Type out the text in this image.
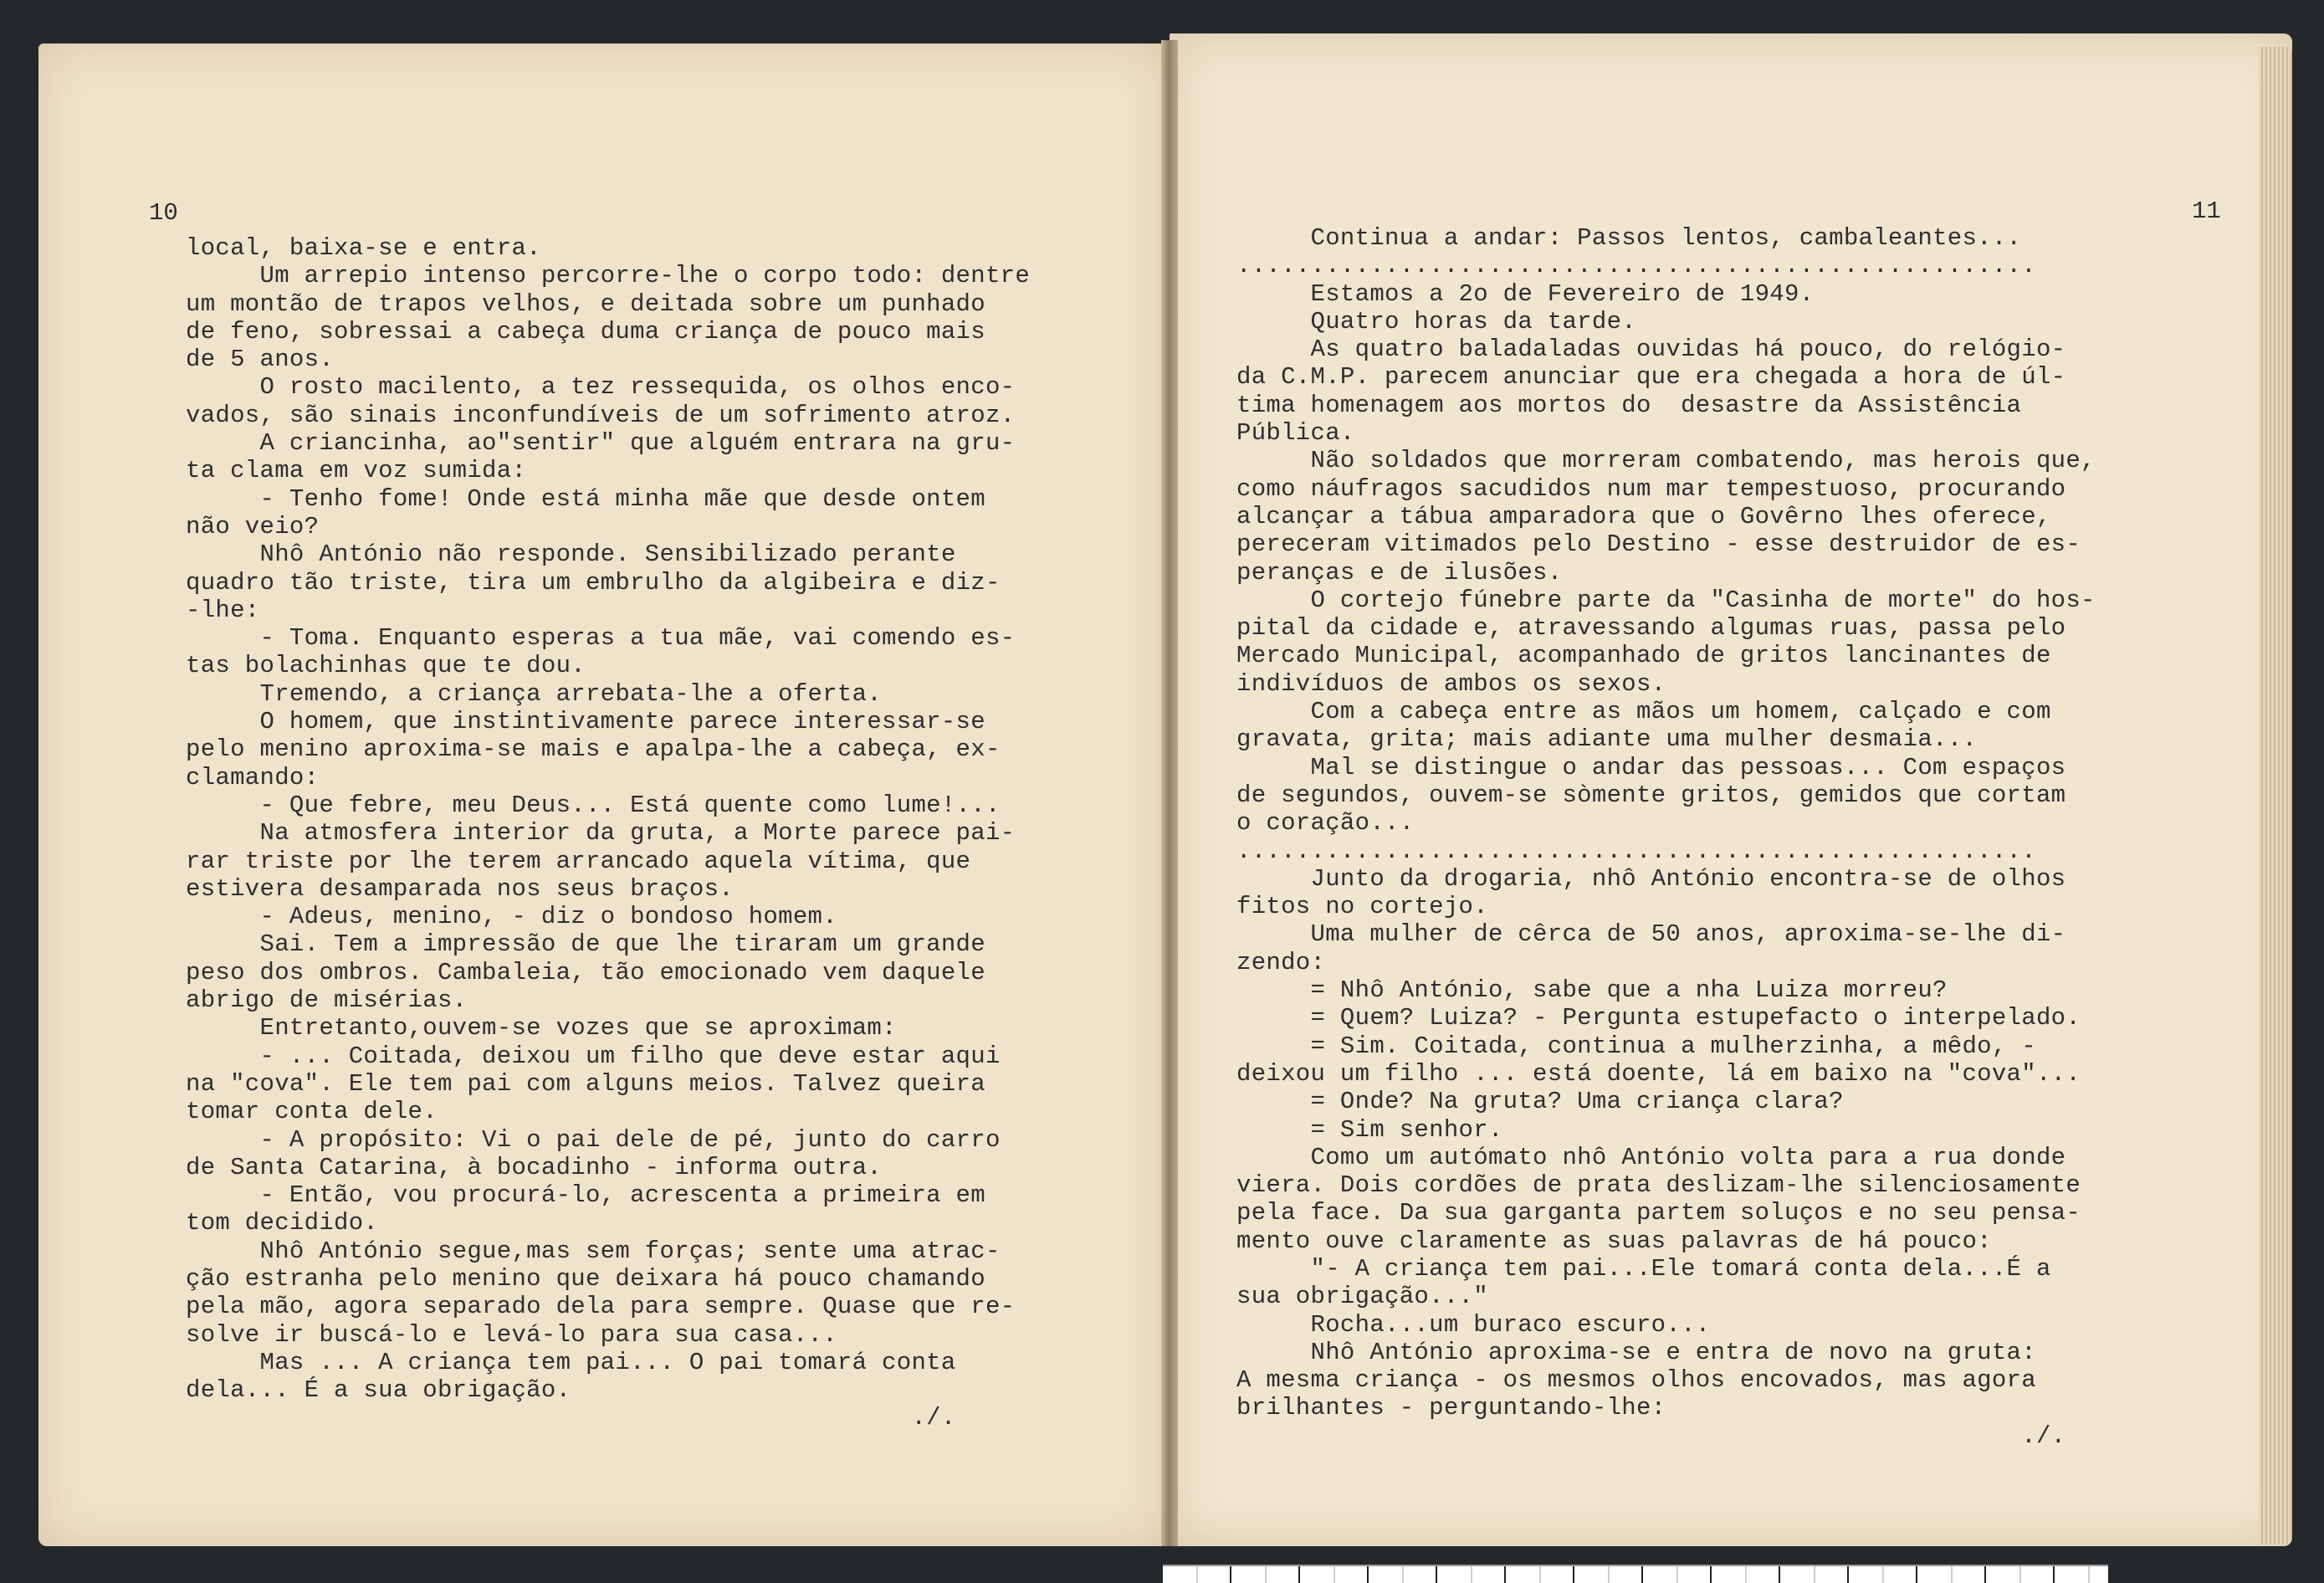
10	11
local, baixa-se e entra.
Um arrepio intenso percorre-lhe o corpo todo: dentre
um montão de trapos velhos, e deitada sobre um punhado
de feno, sobressai a cabeça duma criança de pouco mais
de 5 anos.
O rosto macilento, a tez ressequida, os olhos enco-
vados, são sinais inconfundíveis de um sofrimento atroz.
A criancinha, ao"sentir" que alguém entrara na gru-
ta clama em voz sumida:
- Tenho fome! Onde está minha mãe que desde ontem
não veio?
Nhô António não responde. Sensibilizado perante
quadro tão triste, tira um embrulho da algibeira e diz-
-lhe:
- Toma. Enquanto esperas a tua mãe, vai comendo es-
tas bolachinhas que te dou.
Tremendo, a criança arrebata-lhe a oferta.
O homem, que instintivamente parece interessar-se
pelo menino aproxima-se mais e apalpa-lhe a cabeça, ex-
clamando:
- Que febre, meu Deus... Está quente como lume!...
Na atmosfera interior da gruta, a Morte parece pai-
rar triste por lhe terem arrancado aquela vítima, que
estivera desamparada nos seus braços.
- Adeus, menino, - diz o bondoso homem.
Sai. Tem a impressão de que lhe tiraram um grande
peso dos ombros. Cambaleia, tão emocionado vem daquele
abrigo de misérias.
Entretanto,ouvem-se vozes que se aproximam:
- ... Coitada, deixou um filho que deve estar aqui
na "cova". Ele tem pai com alguns meios. Talvez queira
tomar conta dele.
- A propósito: Vi o pai dele de pé, junto do carro
de Santa Catarina, à bocadinho - informa outra.
- Então, vou procurá-lo, acrescenta a primeira em
tom decidido.
Nhô António segue,mas sem forças; sente uma atrac-
ção estranha pelo menino que deixara há pouco chamando
pela mão, agora separado dela para sempre. Quase que re-
solve ir buscá-lo e levá-lo para sua casa...
Mas ... A criança tem pai... O pai tomará conta
dela... É a sua obrigação.
./.
Continua a andar: Passos lentos, cambaleantes...
......................................................
Estamos a 2o de Fevereiro de 1949.
Quatro horas da tarde.
As quatro baladaladas ouvidas há pouco, do relógio-
da C.M.P. parecem anunciar que era chegada a hora de úl-
tima homenagem aos mortos do  desastre da Assistência
Pública.
Não soldados que morreram combatendo, mas herois que,
como náufragos sacudidos num mar tempestuoso, procurando
alcançar a tábua amparadora que o Govêrno lhes oferece,
pereceram vitimados pelo Destino - esse destruidor de es-
peranças e de ilusões.
O cortejo fúnebre parte da "Casinha de morte" do hos-
pital da cidade e, atravessando algumas ruas, passa pelo
Mercado Municipal, acompanhado de gritos lancinantes de
indivíduos de ambos os sexos.
Com a cabeça entre as mãos um homem, calçado e com
gravata, grita; mais adiante uma mulher desmaia...
Mal se distingue o andar das pessoas... Com espaços
de segundos, ouvem-se sòmente gritos, gemidos que cortam
o coração...
......................................................
Junto da drogaria, nhô António encontra-se de olhos
fitos no cortejo.
Uma mulher de cêrca de 50 anos, aproxima-se-lhe di-
zendo:
= Nhô António, sabe que a nha Luiza morreu?
= Quem? Luiza? - Pergunta estupefacto o interpelado.
= Sim. Coitada, continua a mulherzinha, a mêdo, -
deixou um filho ... está doente, lá em baixo na "cova"...
= Onde? Na gruta? Uma criança clara?
= Sim senhor.
Como um autómato nhô António volta para a rua donde
viera. Dois cordões de prata deslizam-lhe silenciosamente
pela face. Da sua garganta partem soluços e no seu pensa-
mento ouve claramente as suas palavras de há pouco:
"- A criança tem pai...Ele tomará conta dela...É a
sua obrigação..."
Rocha...um buraco escuro...
Nhô António aproxima-se e entra de novo na gruta:
A mesma criança - os mesmos olhos encovados, mas agora
brilhantes - perguntando-lhe:
./.
